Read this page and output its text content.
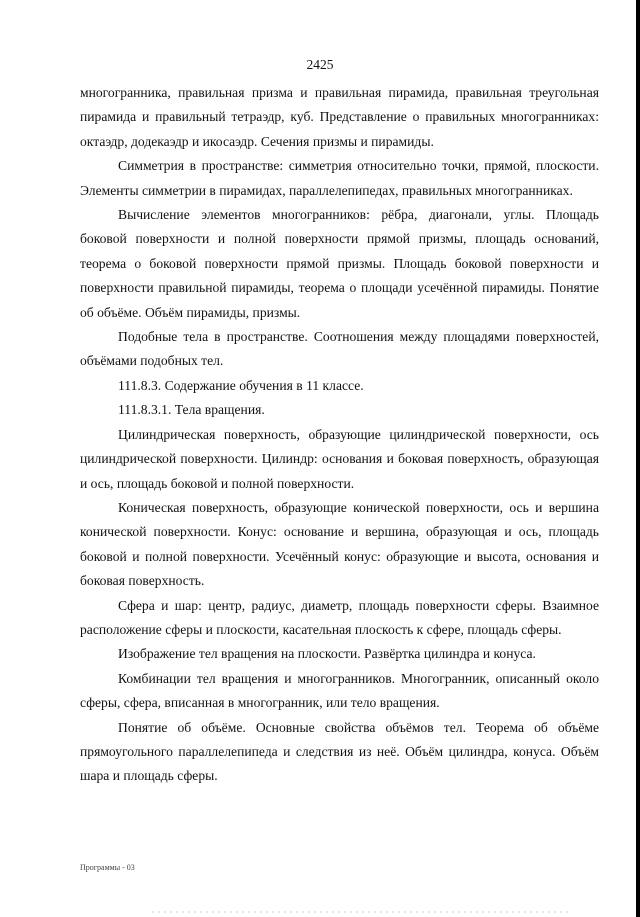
2425

многогранника, правильная призма и правильная пирамида, правильная треугольная пирамида и правильный тетраэдр, куб. Представление о правильных многогранниках: октаэдр, додекаэдр и икосаэдр. Сечения призмы и пирамиды.

Симметрия в пространстве: симметрия относительно точки, прямой, плоскости. Элементы симметрии в пирамидах, параллелепипедах, правильных многогранниках.

Вычисление элементов многогранников: рёбра, диагонали, углы. Площадь боковой поверхности и полной поверхности прямой призмы, площадь оснований, теорема о боковой поверхности прямой призмы. Площадь боковой поверхности и поверхности правильной пирамиды, теорема о площади усечённой пирамиды. Понятие об объёме. Объём пирамиды, призмы.

Подобные тела в пространстве. Соотношения между площадями поверхностей, объёмами подобных тел.

111.8.3. Содержание обучения в 11 классе.

111.8.3.1. Тела вращения.

Цилиндрическая поверхность, образующие цилиндрической поверхности, ось цилиндрической поверхности. Цилиндр: основания и боковая поверхность, образующая и ось, площадь боковой и полной поверхности.

Коническая поверхность, образующие конической поверхности, ось и вершина конической поверхности. Конус: основание и вершина, образующая и ось, площадь боковой и полной поверхности. Усечённый конус: образующие и высота, основания и боковая поверхность.

Сфера и шар: центр, радиус, диаметр, площадь поверхности сферы. Взаимное расположение сферы и плоскости, касательная плоскость к сфере, площадь сферы.

Изображение тел вращения на плоскости. Развёртка цилиндра и конуса.

Комбинации тел вращения и многогранников. Многогранник, описанный около сферы, сфера, вписанная в многогранник, или тело вращения.

Понятие об объёме. Основные свойства объёмов тел. Теорема об объёме прямоугольного параллелепипеда и следствия из неё. Объём цилиндра, конуса. Объём шара и площадь сферы.

Программы - 03
